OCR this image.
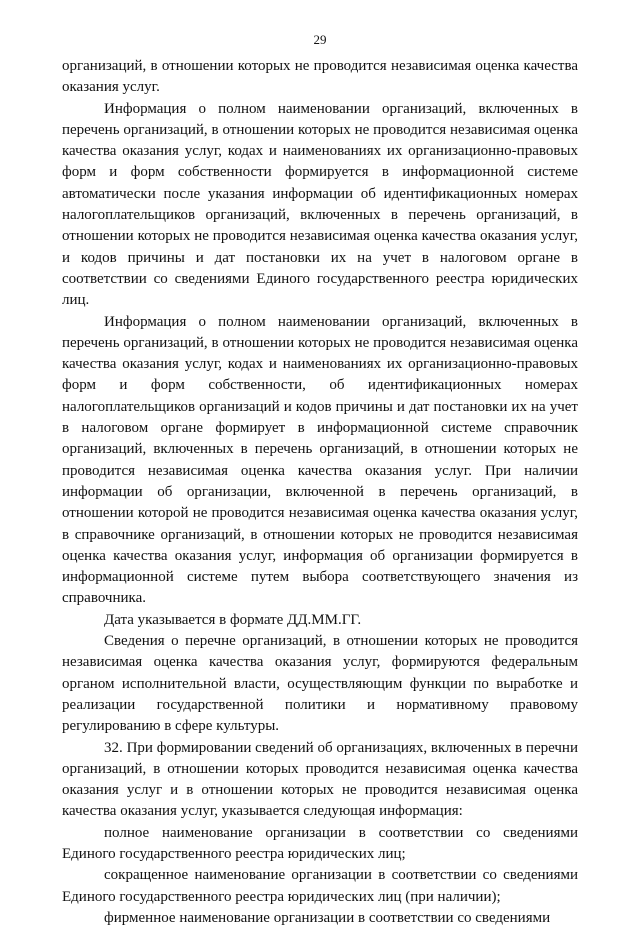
29

организаций, в отношении которых не проводится независимая оценка качества оказания услуг.

Информация о полном наименовании организаций, включенных в перечень организаций, в отношении которых не проводится независимая оценка качества оказания услуг, кодах и наименованиях их организационно-правовых форм и форм собственности формируется в информационной системе автоматически после указания информации об идентификационных номерах налогоплательщиков организаций, включенных в перечень организаций, в отношении которых не проводится независимая оценка качества оказания услуг, и кодов причины и дат постановки их на учет в налоговом органе в соответствии со сведениями Единого государственного реестра юридических лиц.

Информация о полном наименовании организаций, включенных в перечень организаций, в отношении которых не проводится независимая оценка качества оказания услуг, кодах и наименованиях их организационно-правовых форм и форм собственности, об идентификационных номерах налогоплательщиков организаций и кодов причины и дат постановки их на учет в налоговом органе формирует в информационной системе справочник организаций, включенных в перечень организаций, в отношении которых не проводится независимая оценка качества оказания услуг. При наличии информации об организации, включенной в перечень организаций, в отношении которой не проводится независимая оценка качества оказания услуг, в справочнике организаций, в отношении которых не проводится независимая оценка качества оказания услуг, информация об организации формируется в информационной системе путем выбора соответствующего значения из справочника.

Дата указывается в формате ДД.ММ.ГГ.

Сведения о перечне организаций, в отношении которых не проводится независимая оценка качества оказания услуг, формируются федеральным органом исполнительной власти, осуществляющим функции по выработке и реализации государственной политики и нормативному правовому регулированию в сфере культуры.

32. При формировании сведений об организациях, включенных в перечни организаций, в отношении которых проводится независимая оценка качества оказания услуг и в отношении которых не проводится независимая оценка качества оказания услуг, указывается следующая информация:

полное наименование организации в соответствии со сведениями Единого государственного реестра юридических лиц;

сокращенное наименование организации в соответствии со сведениями Единого государственного реестра юридических лиц (при наличии);

фирменное наименование организации в соответствии со сведениями
